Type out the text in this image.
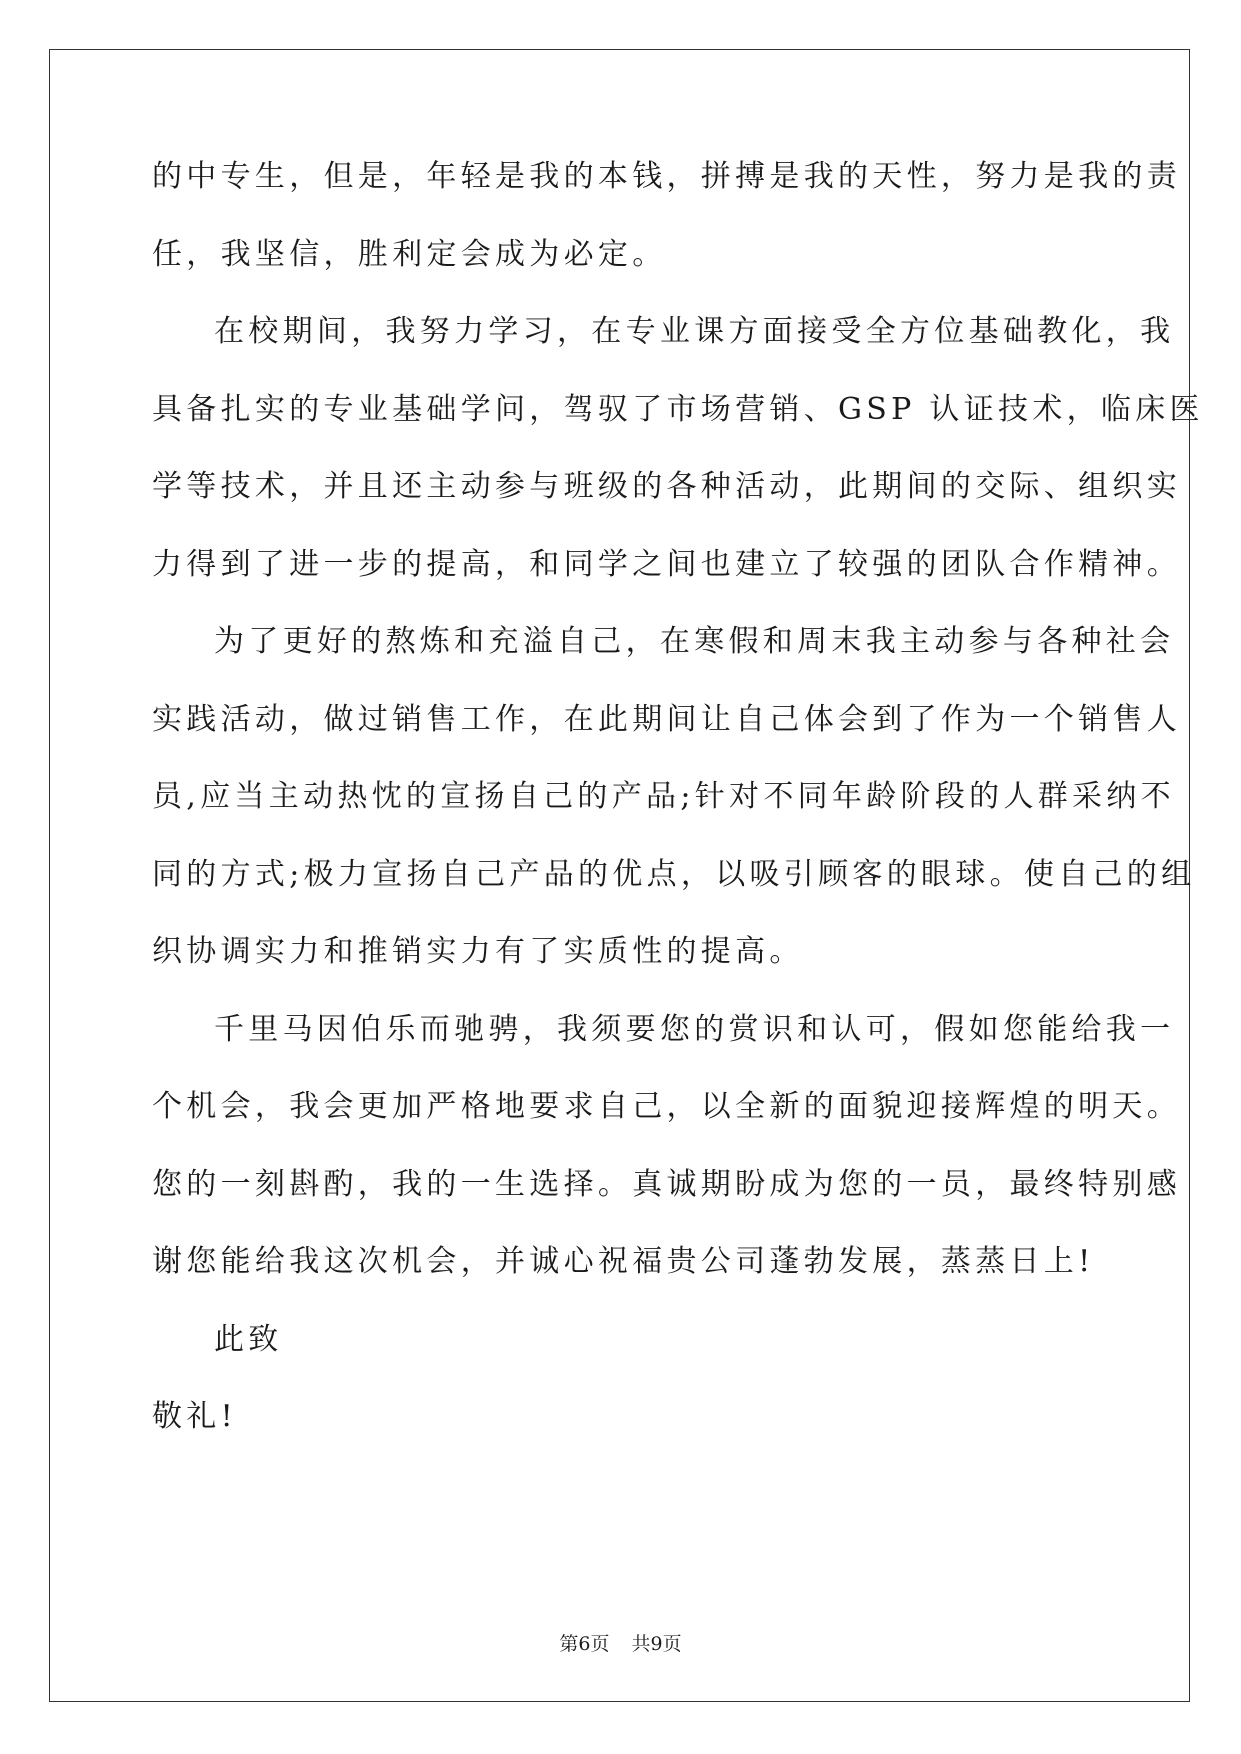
的中专生，但是，年轻是我的本钱，拼搏是我的天性，努力是我的责
任，我坚信，胜利定会成为必定。
在校期间，我努力学习，在专业课方面接受全方位基础教化，我
具备扎实的专业基础学问，驾驭了市场营销、GSP 认证技术，临床医
学等技术，并且还主动参与班级的各种活动，此期间的交际、组织实
力得到了进一步的提高，和同学之间也建立了较强的团队合作精神。
为了更好的熬炼和充溢自己，在寒假和周末我主动参与各种社会
实践活动，做过销售工作，在此期间让自己体会到了作为一个销售人
员,应当主动热忱的宣扬自己的产品;针对不同年龄阶段的人群采纳不
同的方式;极力宣扬自己产品的优点，以吸引顾客的眼球。使自己的组
织协调实力和推销实力有了实质性的提高。
千里马因伯乐而驰骋，我须要您的赏识和认可，假如您能给我一
个机会，我会更加严格地要求自己，以全新的面貌迎接辉煌的明天。
您的一刻斟酌，我的一生选择。真诚期盼成为您的一员，最终特别感
谢您能给我这次机会，并诚心祝福贵公司蓬勃发展，蒸蒸日上!
此致
敬礼!
第6页 共9页
